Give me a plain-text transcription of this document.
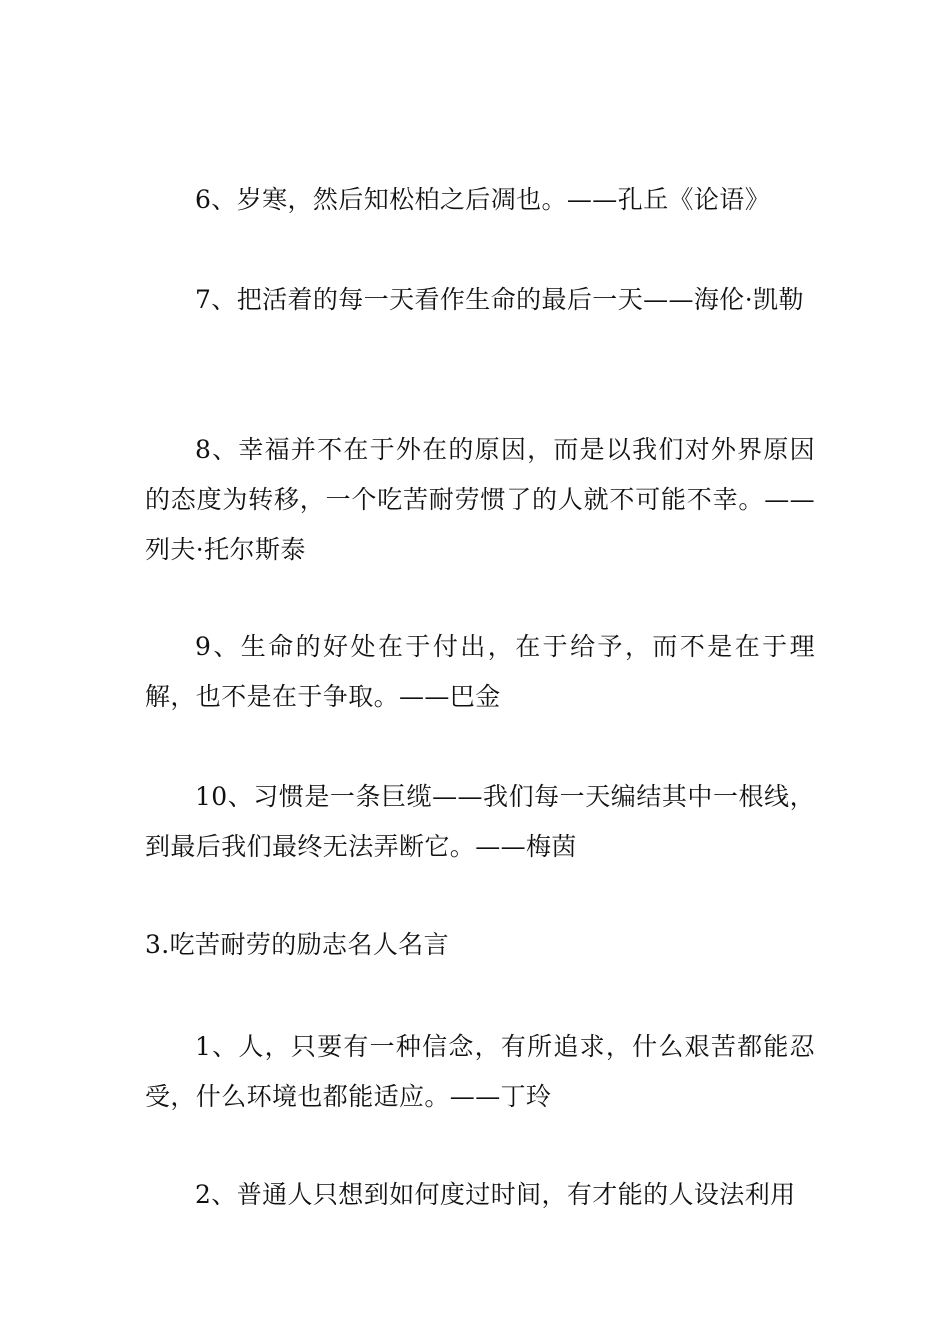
6、岁寒，然后知松柏之后凋也。——孔丘《论语》

7、把活着的每一天看作生命的最后一天——海伦·凯勒

8、幸福并不在于外在的原因，而是以我们对外界原因的态度为转移，一个吃苦耐劳惯了的人就不可能不幸。——列夫·托尔斯泰

9、生命的好处在于付出，在于给予，而不是在于理解，也不是在于争取。——巴金

10、习惯是一条巨缆——我们每一天编结其中一根线，到最后我们最终无法弄断它。——梅茵

3.吃苦耐劳的励志名人名言

1、人，只要有一种信念，有所追求，什么艰苦都能忍受，什么环境也都能适应。——丁玲

2、普通人只想到如何度过时间，有才能的人设法利用
